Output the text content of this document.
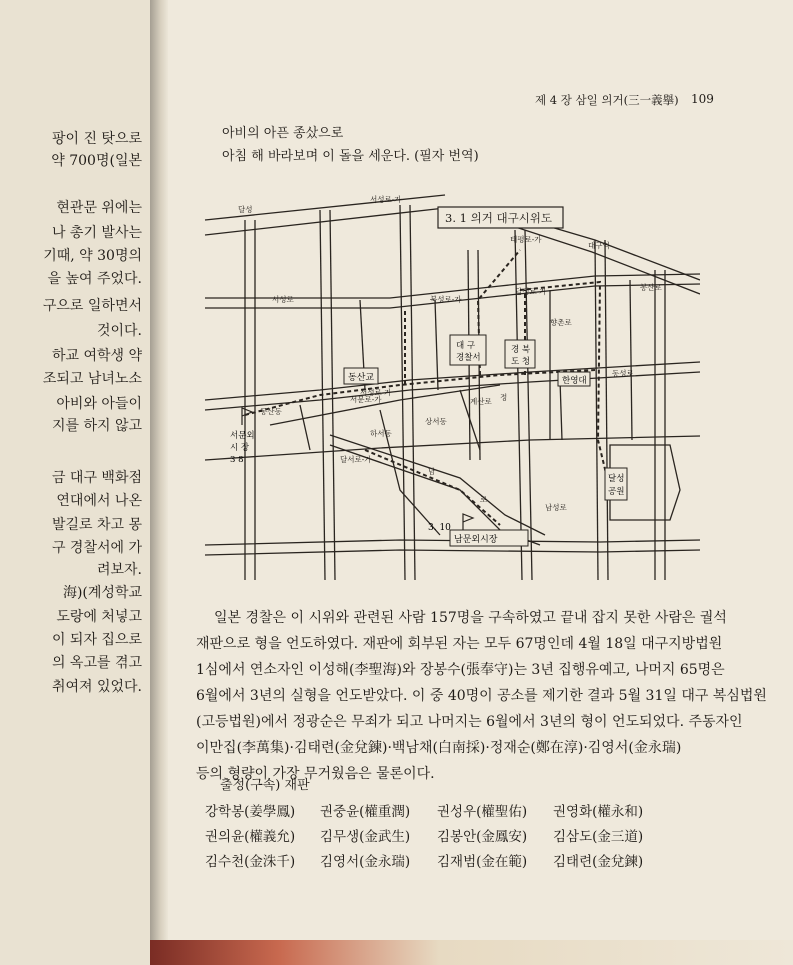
팡이 진 탓으로
약 700명(일본
현관문 위에는
나 총기 발사는
기때, 약 30명의
을 높여 주었다.
구으로 일하면서
것이다.
하교 여학생 약
조되고 남녀노소
아비와 아들이
지를 하지 않고
금 대구 백화점
연대에서 나온
발길로 차고 몽
구 경찰서에 가
려보자.
海)(계성학교
도랑에 처넣고
이 되자 집으로
의 옥고를 겪고
취여져 있었다.
제 4 장 삼일 의거(三一義擧) 109
아비의 아픈 종샀으로
아침 해 바라보며 이 돌을 세운다. (필자 번역)
3. 1 의거 대구시위도
동산교
대 구
경찰서
경 북
도 청
한영대
달성
공원
남문외시장
서문외
시 장
3 8
3. 10
달성
서성로-가
북성로-가
달성로-가
대구역
태평로-가
향촌로
서성로
동산동
서문로-가
하서동
상서동
달서로-가
정
남
로
남성로
계산로
동성로
봉산로
서성로-가
일본 경찰은 이 시위와 관련된 사람 157명을 구속하였고 끝내 잡지 못한 사람은 궐석
재판으로 형을 언도하였다. 재판에 회부된 자는 모두 67명인데 4월 18일 대구지방법원
1심에서 연소자인 이성해(李聖海)와 장봉수(張奉守)는 3년 집행유예고, 나머지 65명은
6월에서 3년의 실형을 언도받았다. 이 중 40명이 공소를 제기한 결과 5월 31일 대구 복심법원
(고등법원)에서 정광순은 무죄가 되고 나머지는 6월에서 3년의 형이 언도되었다. 주동자인
이만집(李萬集)·김태련(金兌鍊)·백남채(白南採)·정재순(鄭在淳)·김영서(金永瑞)
등의 형량이 가장 무거웠음은 물론이다.
출정(구속) 재판
강학봉(姜學鳳) 권중윤(權重潤) 권성우(權聖佑) 권영화(權永和)
권의윤(權義允) 김무생(金武生) 김봉안(金鳳安) 김삼도(金三道)
김수천(金洙千) 김영서(金永瑞) 김재범(金在範) 김태련(金兌鍊)
